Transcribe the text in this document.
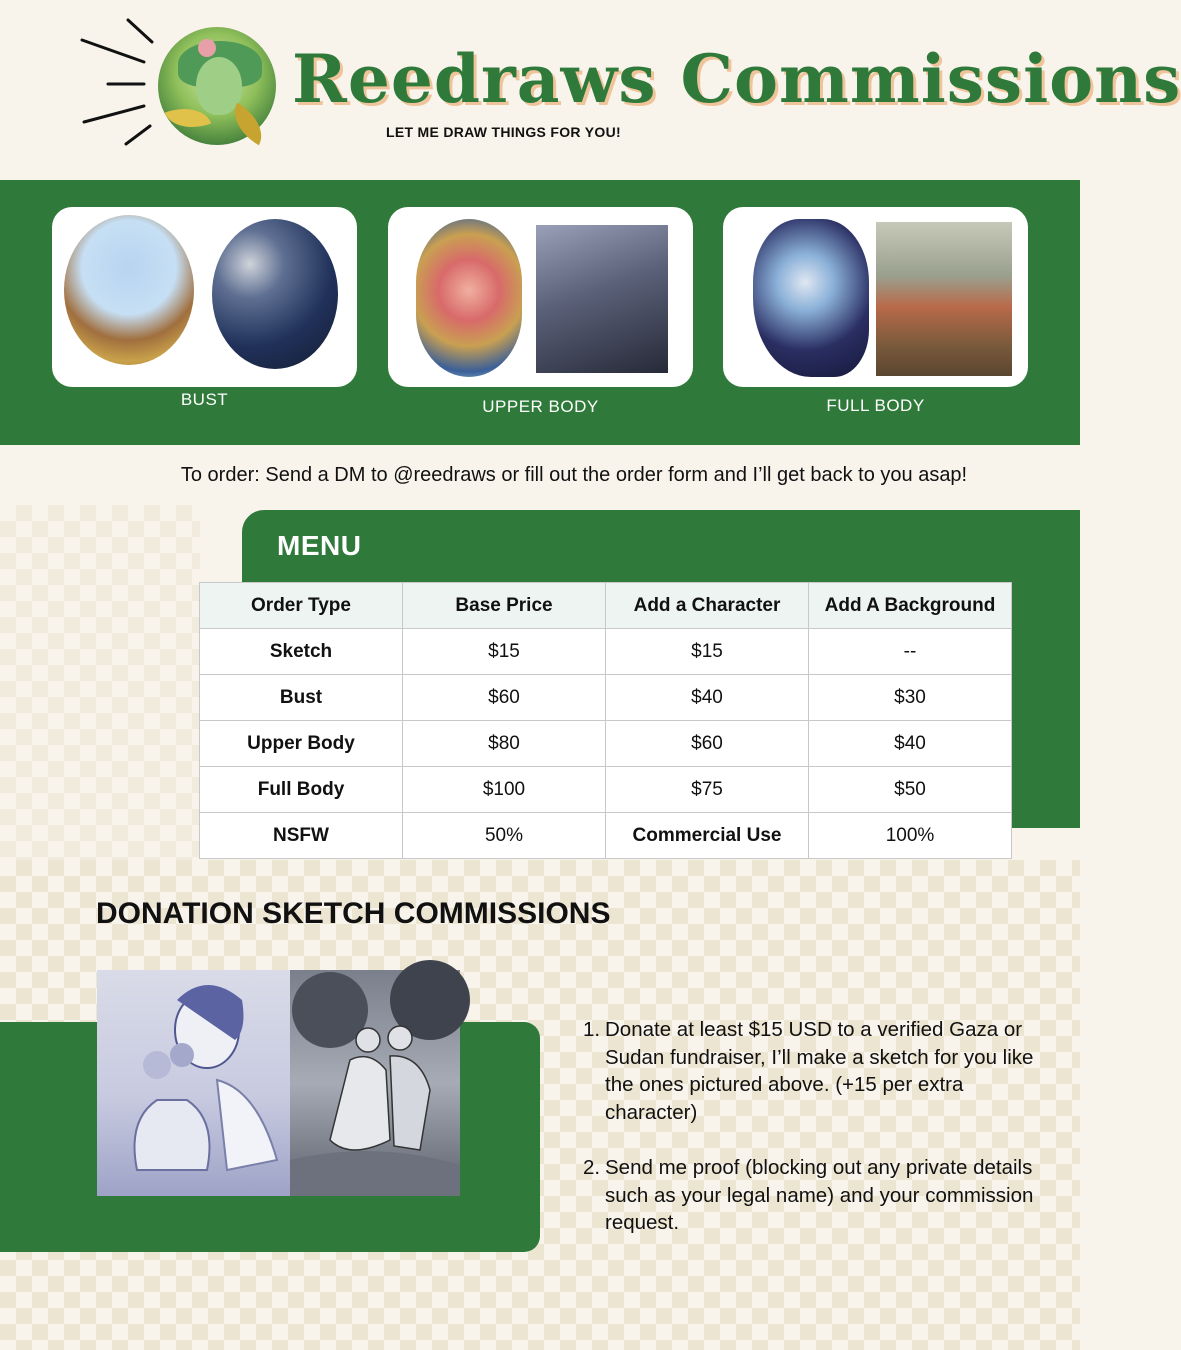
Reedraws Commissions
LET ME DRAW THINGS FOR YOU!
BUST	UPPER BODY	FULL BODY
To order: Send a DM to @reedraws or fill out the order form and I’ll get back to you asap!
MENU
Order Type	Base Price	Add a Character	Add A Background
Sketch	$15	$15	--
Bust	$60	$40	$30
Upper Body	$80	$60	$40
Full Body	$100	$75	$50
NSFW	50%	Commercial Use	100%
DONATION SKETCH COMMISSIONS
1. Donate at least $15 USD to a verified Gaza or Sudan fundraiser, I’ll make a sketch for you like the ones pictured above. (+15 per extra character)
2. Send me proof (blocking out any private details such as your legal name) and your commission request.
